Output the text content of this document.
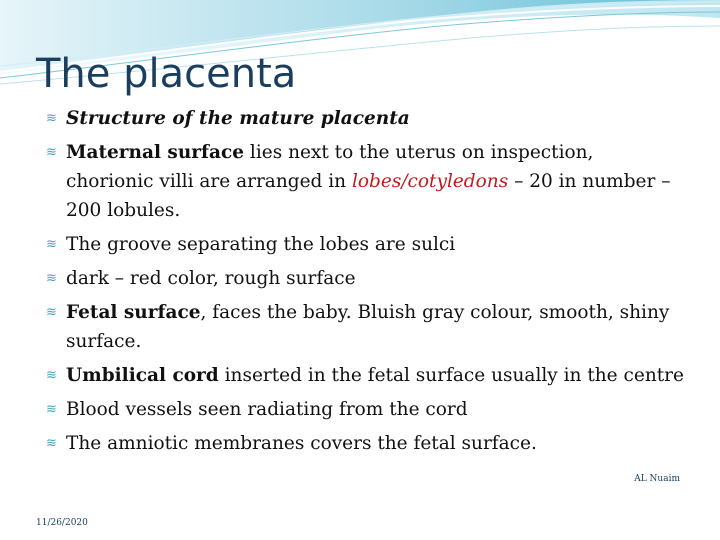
The placenta
≋ Structure of the mature placenta
≋ Maternal surface lies next to the uterus on inspection, chorionic villi are arranged in lobes/cotyledons – 20 in number – 200 lobules.
≋ The groove separating the lobes are sulci
≋ dark – red color, rough surface
≋ Fetal surface, faces the baby. Bluish gray colour, smooth, shiny surface.
≋ Umbilical cord inserted in the fetal surface usually in the centre
≋ Blood vessels seen radiating from the cord
≋ The amniotic membranes covers the fetal surface.
AL Nuaim
11/26/2020
